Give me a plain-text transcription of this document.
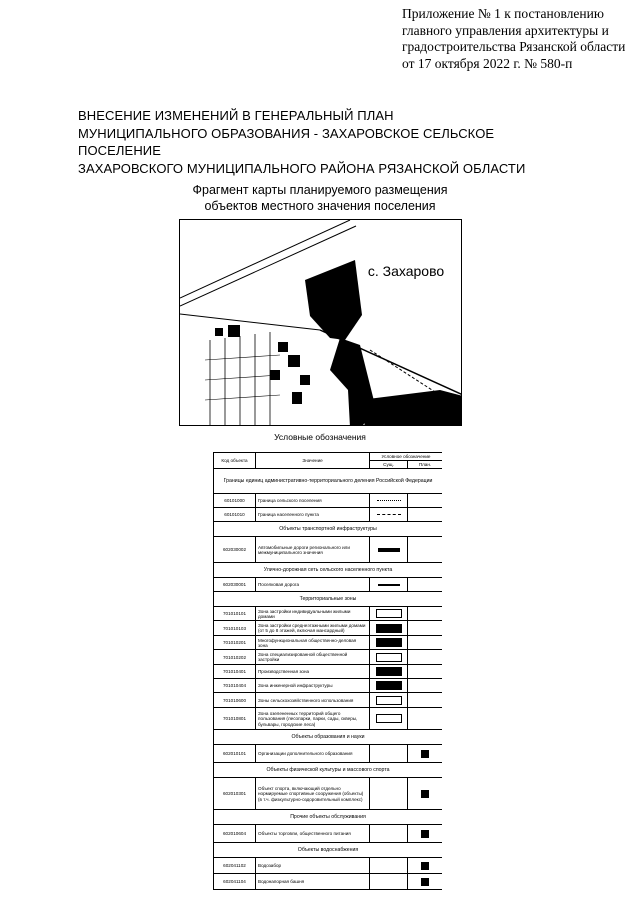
Приложение № 1 к постановлению
главного управления архитектуры и
градостроительства Рязанской области
от 17 октября 2022 г. № 580-п
ВНЕСЕНИЕ ИЗМЕНЕНИЙ В ГЕНЕРАЛЬНЫЙ ПЛАН
МУНИЦИПАЛЬНОГО ОБРАЗОВАНИЯ - ЗАХАРОВСКОЕ СЕЛЬСКОЕ ПОСЕЛЕНИЕ
ЗАХАРОВСКОГО МУНИЦИПАЛЬНОГО РАЙОНА РЯЗАНСКОЙ ОБЛАСТИ
Фрагмент карты планируемого размещения
объектов местного значения поселения
с. Захарово
Условные обозначения
Код объекта	Значение	Условное обозначение	
		Сущ.	План.
Границы единиц административно-территориального деления Российской Федерации			
60101000	Граница сельского поселения	

60101010	Граница населенного пункта	

Объекты транспортной инфраструктуры			
602030002	Автомобильные дороги регионального или межмуниципального значения	

Улично-дорожная сеть сельского населенного пункта			
602030001	Поселковая дорога	

Территориальные зоны			
701010101	Зона застройки индивидуальными жилыми домами	

701010103	Зона застройки среднеэтажными жилыми домами (от 5 до 8 этажей, включая мансардный)	

701010201	Многофункциональная общественно-деловая зона	

701010202	Зона специализированной общественной застройки	

701010401	Производственная зона	

701010404	Зона инженерной инфраструктуры	

701010600	Зоны сельскохозяйственного использования	

701010801	Зона озелененных территорий общего пользования (лесопарки, парки, сады, скверы, бульвары, городские леса)	

Объекты образования и науки			
602010101	Организации дополнительного образования		

Объекты физической культуры и массового спорта			
602010301	Объект спорта, включающий отдельно нормируемые спортивные сооружения (объекты) (в т.ч. физкультурно-оздоровительный комплекс)		

Прочие объекты обслуживания			
602010604	Объекты торговли, общественного питания		

Объекты водоснабжения			
602041102	Водозабор		

602041104	Водонапорная башня		
